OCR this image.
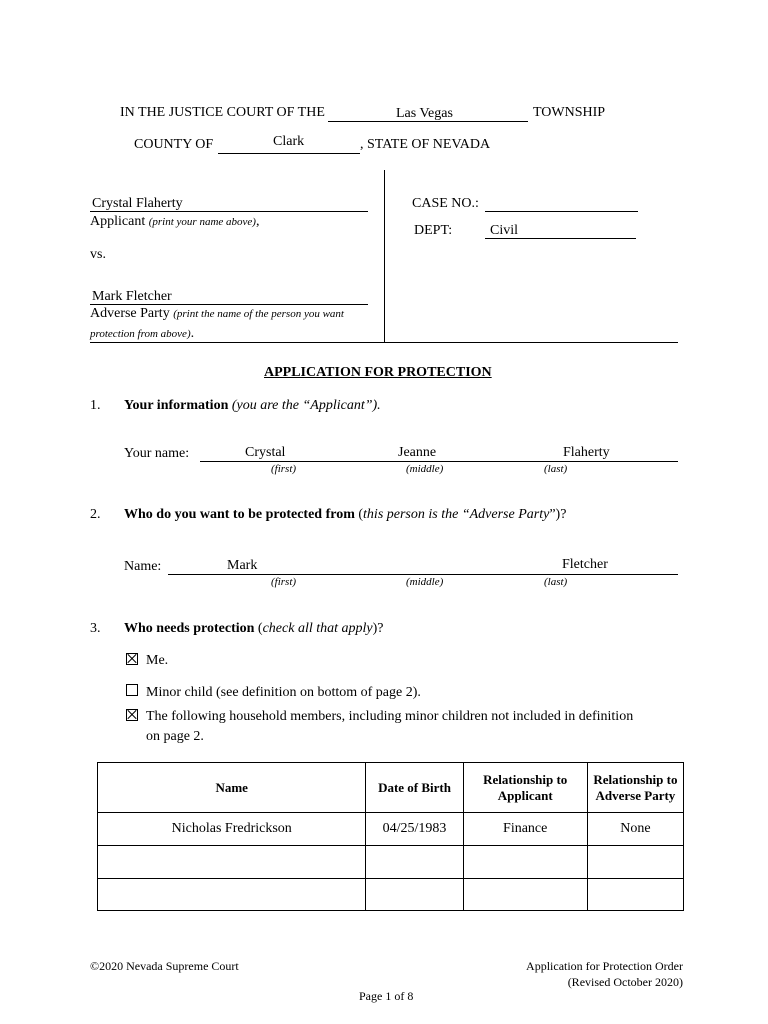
IN THE JUSTICE COURT OF THE	Las Vegas	TOWNSHIP
COUNTY OF	Clark	, STATE OF NEVADA
Crystal Flaherty
Applicant (print your name above),
vs.
Mark Fletcher
Adverse Party (print the name of the person you want
protection from above).
CASE NO.:
DEPT:	Civil
APPLICATION FOR PROTECTION
1. Your information (you are the “Applicant”).
Your name:	Crystal	Jeanne	Flaherty
(first)	(middle)	(last)
2. Who do you want to be protected from (this person is the “Adverse Party”)?
Name:	Mark	Fletcher
(first)	(middle)	(last)
3. Who needs protection (check all that apply)?
Me.
Minor child (see definition on bottom of page 2).
The following household members, including minor children not included in definition
on page 2.
Name	Date of Birth	Relationship to Applicant	Relationship to Adverse Party
Nicholas Fredrickson	04/25/1983	Finance	None

©2020 Nevada Supreme Court	Application for Protection Order
(Revised October 2020)
Page 1 of 8
